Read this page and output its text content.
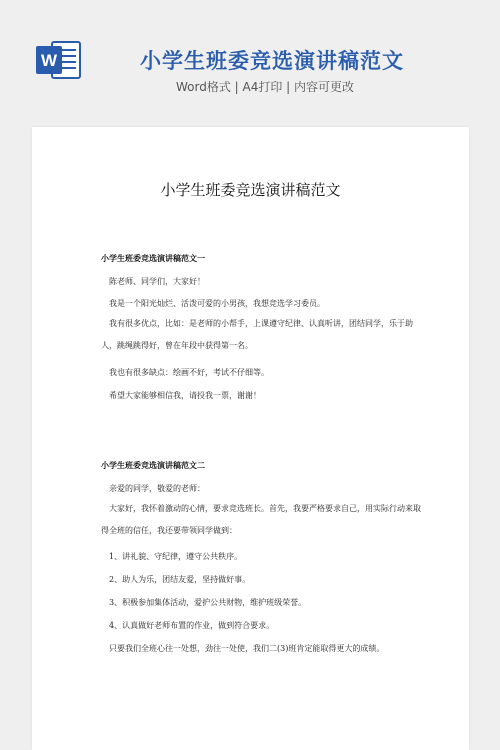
W	小学生班委竞选演讲稿范文
Word格式 | A4打印 | 内容可更改
小学生班委竞选演讲稿范文
小学生班委竞选演讲稿范文一
陈老师、同学们，大家好！
我是一个阳光灿烂、活泼可爱的小男孩，我想竞选学习委员。
我有很多优点，比如：是老师的小帮手，上课遵守纪律、认真听讲，团结同学，乐于助人，跳绳跳得好，曾在年段中获得第一名。
我也有很多缺点：绘画不好，考试不仔细等。
希望大家能够相信我，请投我一票，谢谢！
小学生班委竞选演讲稿范文二
亲爱的同学，敬爱的老师：
大家好，我怀着激动的心情，要求竞选班长。首先，我要严格要求自己，用实际行动来取得全班的信任，我还要带领同学做到：
1、讲礼貌、守纪律，遵守公共秩序。
2、助人为乐，团结友爱，坚持做好事。
3、积极参加集体活动，爱护公共财物，维护班级荣誉。
4、认真做好老师布置的作业，做到符合要求。
只要我们全班心往一处想，劲往一处使，我们二(3)班肯定能取得更大的成绩。
